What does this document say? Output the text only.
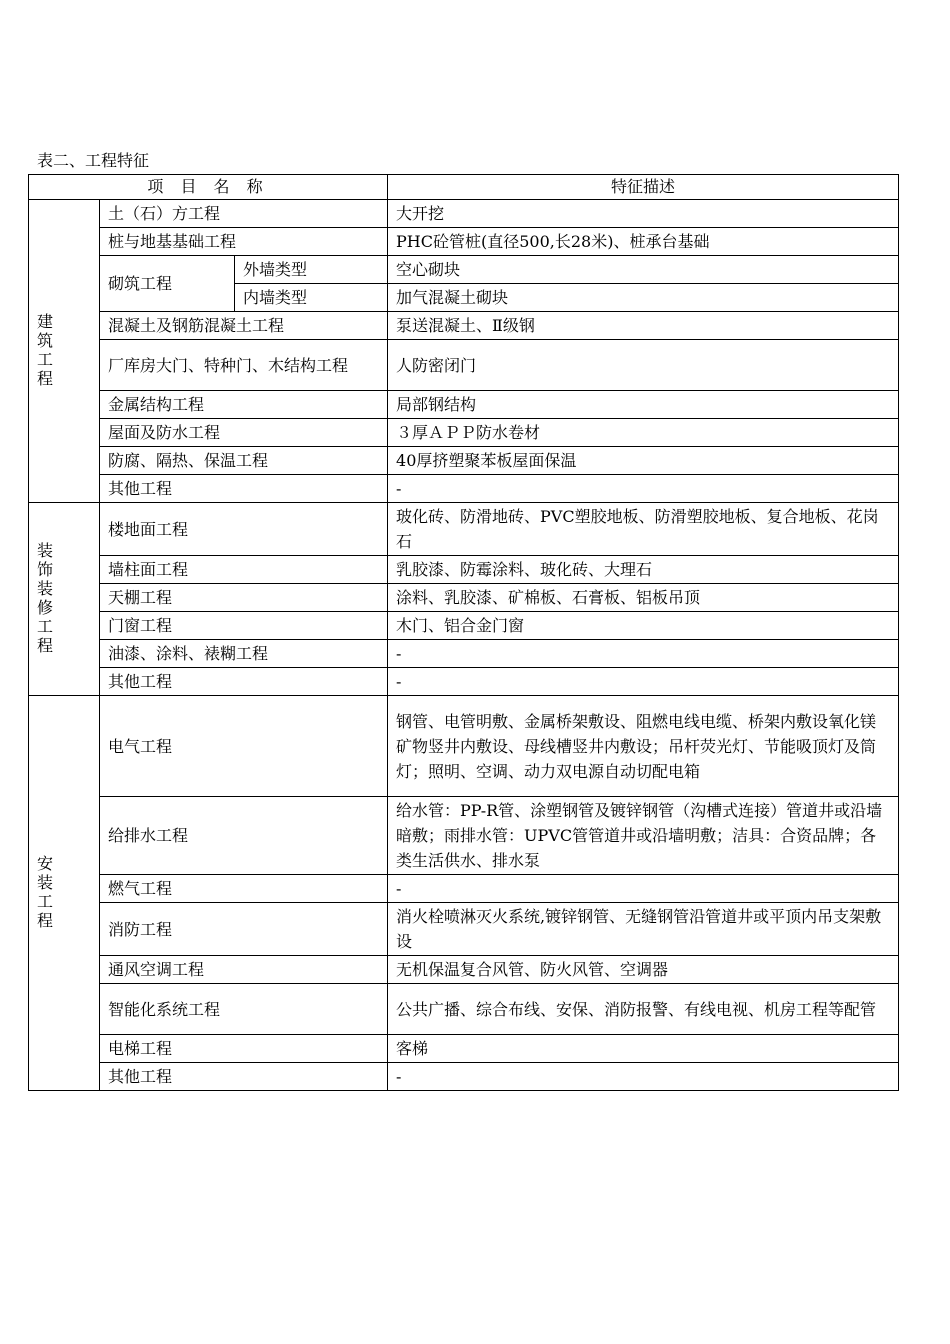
表二、工程特征
项 目 名 称			特征描述
建筑工程	土（石）方工程		大开挖
	桩与地基基础工程		PHC砼管桩(直径500,长28米)、桩承台基础
	砌筑工程	外墙类型	空心砌块
		内墙类型	加气混凝土砌块
	混凝土及钢筋混凝土工程		泵送混凝土、Ⅱ级钢
	厂库房大门、特种门、木结构工程		人防密闭门
	金属结构工程		局部钢结构
	屋面及防水工程		３厚ＡＰＰ防水卷材
	防腐、隔热、保温工程		40厚挤塑聚苯板屋面保温
	其他工程		-
装饰装修工程	楼地面工程		玻化砖、防滑地砖、PVC塑胶地板、防滑塑胶地板、复合地板、花岗石
	墙柱面工程		乳胶漆、防霉涂料、玻化砖、大理石
	天棚工程		涂料、乳胶漆、矿棉板、石膏板、铝板吊顶
	门窗工程		木门、铝合金门窗
	油漆、涂料、裱糊工程		-
	其他工程		-
安装工程	电气工程		钢管、电管明敷、金属桥架敷设、阻燃电线电缆、桥架内敷设氧化镁矿物竖井内敷设、母线槽竖井内敷设；吊杆荧光灯、节能吸顶灯及筒灯；照明、空调、动力双电源自动切配电箱
	给排水工程		给水管：PP-R管、涂塑钢管及镀锌钢管（沟槽式连接）管道井或沿墙暗敷；雨排水管：UPVC管管道井或沿墙明敷；洁具：合资品牌；各类生活供水、排水泵
	燃气工程		-
	消防工程		消火栓喷淋灭火系统,镀锌钢管、无缝钢管沿管道井或平顶内吊支架敷设
	通风空调工程		无机保温复合风管、防火风管、空调器
	智能化系统工程		公共广播、综合布线、安保、消防报警、有线电视、机房工程等配管
	电梯工程		客梯
	其他工程		-
